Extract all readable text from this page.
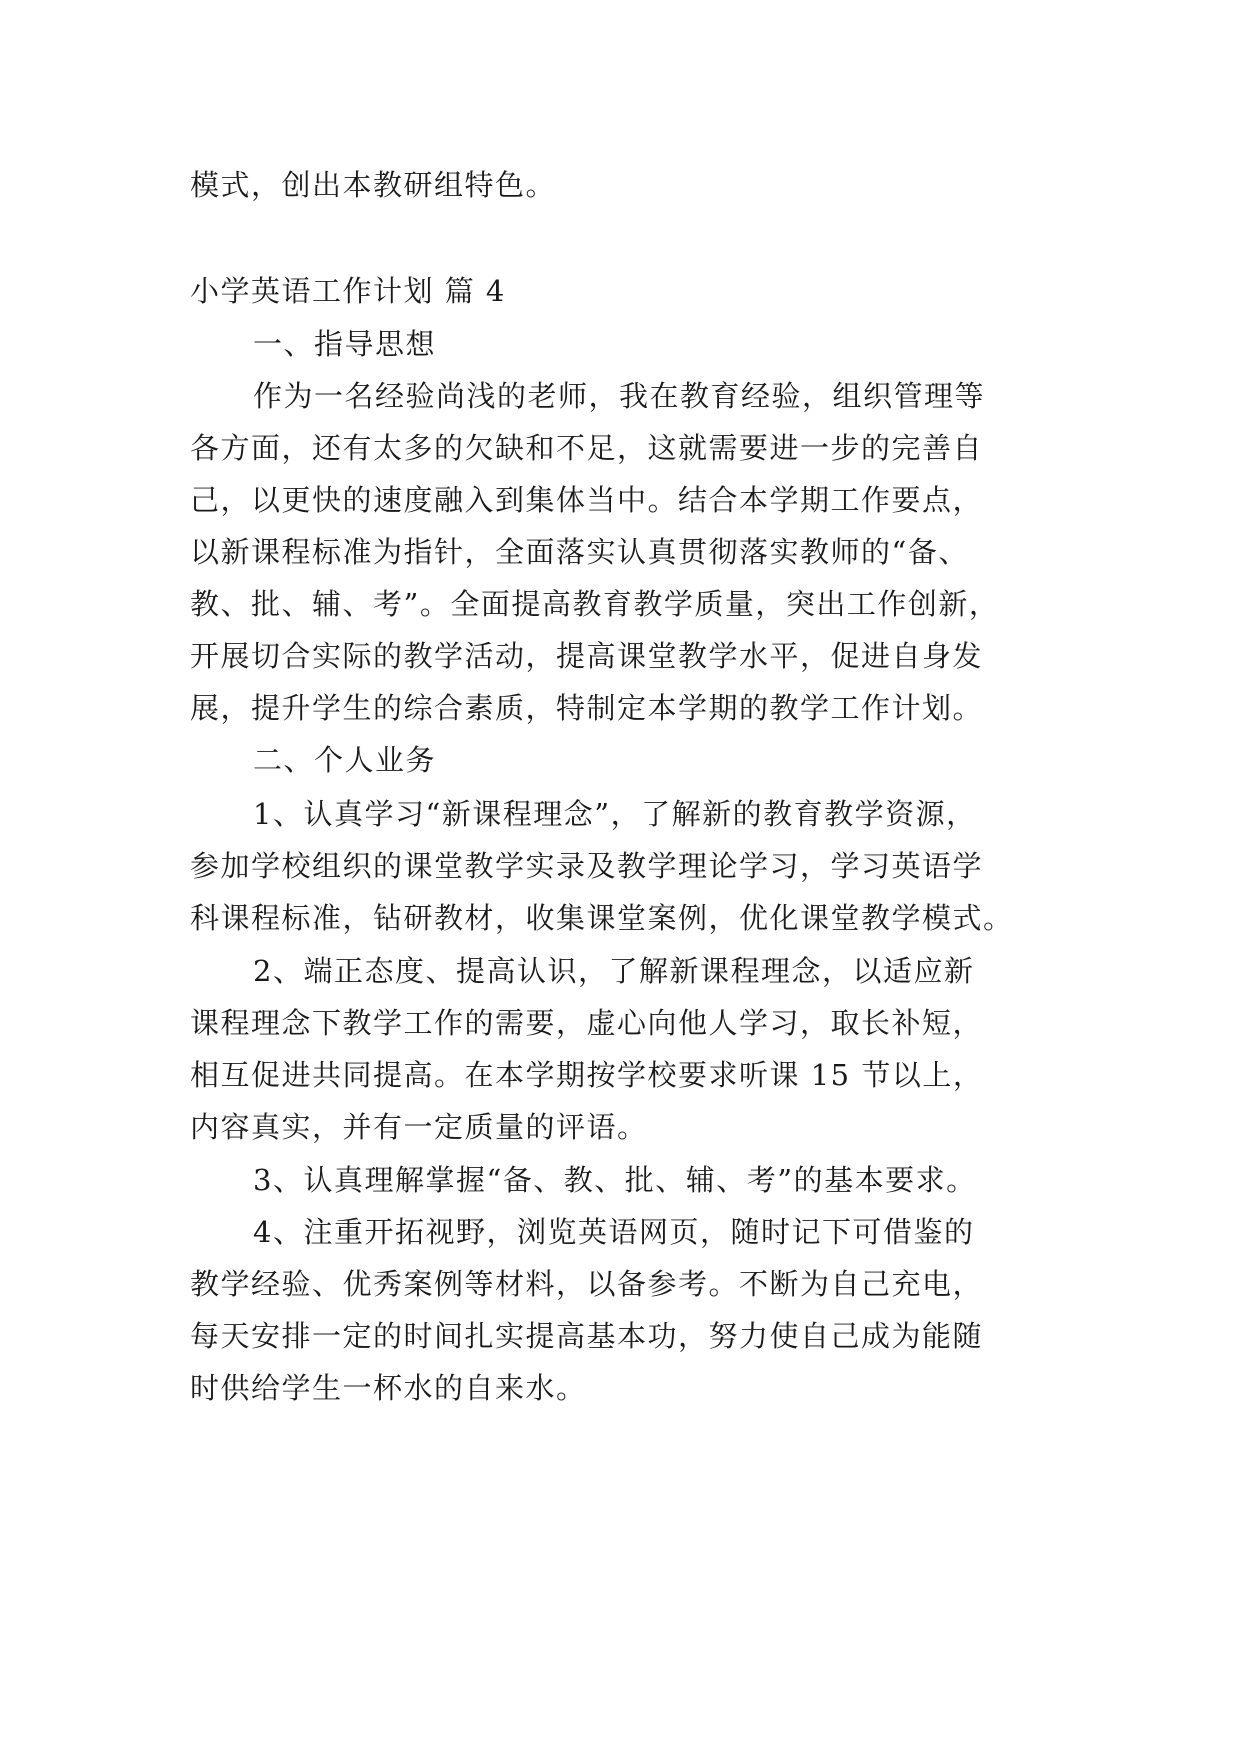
模式，创出本教研组特色。
小学英语工作计划 篇 4
一、指导思想
作为一名经验尚浅的老师，我在教育经验，组织管理等
各方面，还有太多的欠缺和不足，这就需要进一步的完善自
己，以更快的速度融入到集体当中。结合本学期工作要点，
以新课程标准为指针，全面落实认真贯彻落实教师的“备、
教、批、辅、考”。全面提高教育教学质量，突出工作创新，
开展切合实际的教学活动，提高课堂教学水平，促进自身发
展，提升学生的综合素质，特制定本学期的教学工作计划。
二、个人业务
1、认真学习“新课程理念”，了解新的教育教学资源，
参加学校组织的课堂教学实录及教学理论学习，学习英语学
科课程标准，钻研教材，收集课堂案例，优化课堂教学模式。
2、端正态度、提高认识，了解新课程理念，以适应新
课程理念下教学工作的需要，虚心向他人学习，取长补短，
相互促进共同提高。在本学期按学校要求听课 15 节以上，
内容真实，并有一定质量的评语。
3、认真理解掌握“备、教、批、辅、考”的基本要求。
4、注重开拓视野，浏览英语网页，随时记下可借鉴的
教学经验、优秀案例等材料，以备参考。不断为自己充电，
每天安排一定的时间扎实提高基本功，努力使自己成为能随
时供给学生一杯水的自来水。
